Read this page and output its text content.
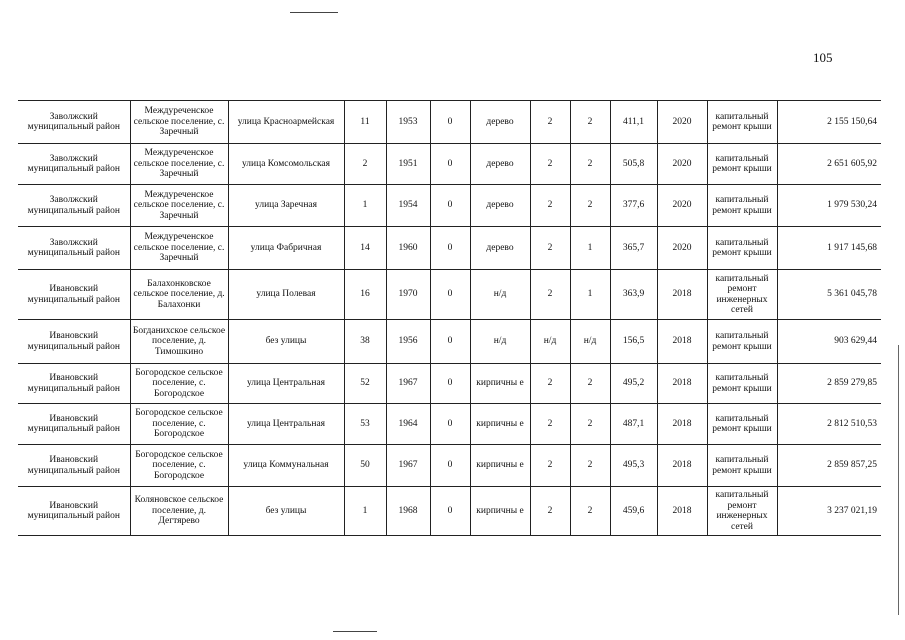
105
Заволжский муниципальный район	Междуреченское сельское поселение, с. Заречный	улица Красноармейская	11	1953	0	дерево	2	2	411,1	2020	капитальный ремонт крыши	2 155 150,64
Заволжский муниципальный район	Междуреченское сельское поселение, с. Заречный	улица Комсомольская	2	1951	0	дерево	2	2	505,8	2020	капитальный ремонт крыши	2 651 605,92
Заволжский муниципальный район	Междуреченское сельское поселение, с. Заречный	улица Заречная	1	1954	0	дерево	2	2	377,6	2020	капитальный ремонт крыши	1 979 530,24
Заволжский муниципальный район	Междуреченское сельское поселение, с. Заречный	улица Фабричная	14	1960	0	дерево	2	1	365,7	2020	капитальный ремонт крыши	1 917 145,68
Ивановский муниципальный район	Балахонковское сельское поселение, д. Балахонки	улица Полевая	16	1970	0	н/д	2	1	363,9	2018	капитальный ремонт инженерных сетей	5 361 045,78
Ивановский муниципальный район	Богданихское сельское поселение, д. Тимошкино	без улицы	38	1956	0	н/д	н/д	н/д	156,5	2018	капитальный ремонт крыши	903 629,44
Ивановский муниципальный район	Богородское сельское поселение, с. Богородское	улица Центральная	52	1967	0	кирпичны е	2	2	495,2	2018	капитальный ремонт крыши	2 859 279,85
Ивановский муниципальный район	Богородское сельское поселение, с. Богородское	улица Центральная	53	1964	0	кирпичны е	2	2	487,1	2018	капитальный ремонт крыши	2 812 510,53
Ивановский муниципальный район	Богородское сельское поселение, с. Богородское	улица Коммунальная	50	1967	0	кирпичны е	2	2	495,3	2018	капитальный ремонт крыши	2 859 857,25
Ивановский муниципальный район	Коляновское сельское поселение, д. Дегтярево	без улицы	1	1968	0	кирпичны е	2	2	459,6	2018	капитальный ремонт инженерных сетей	3 237 021,19
